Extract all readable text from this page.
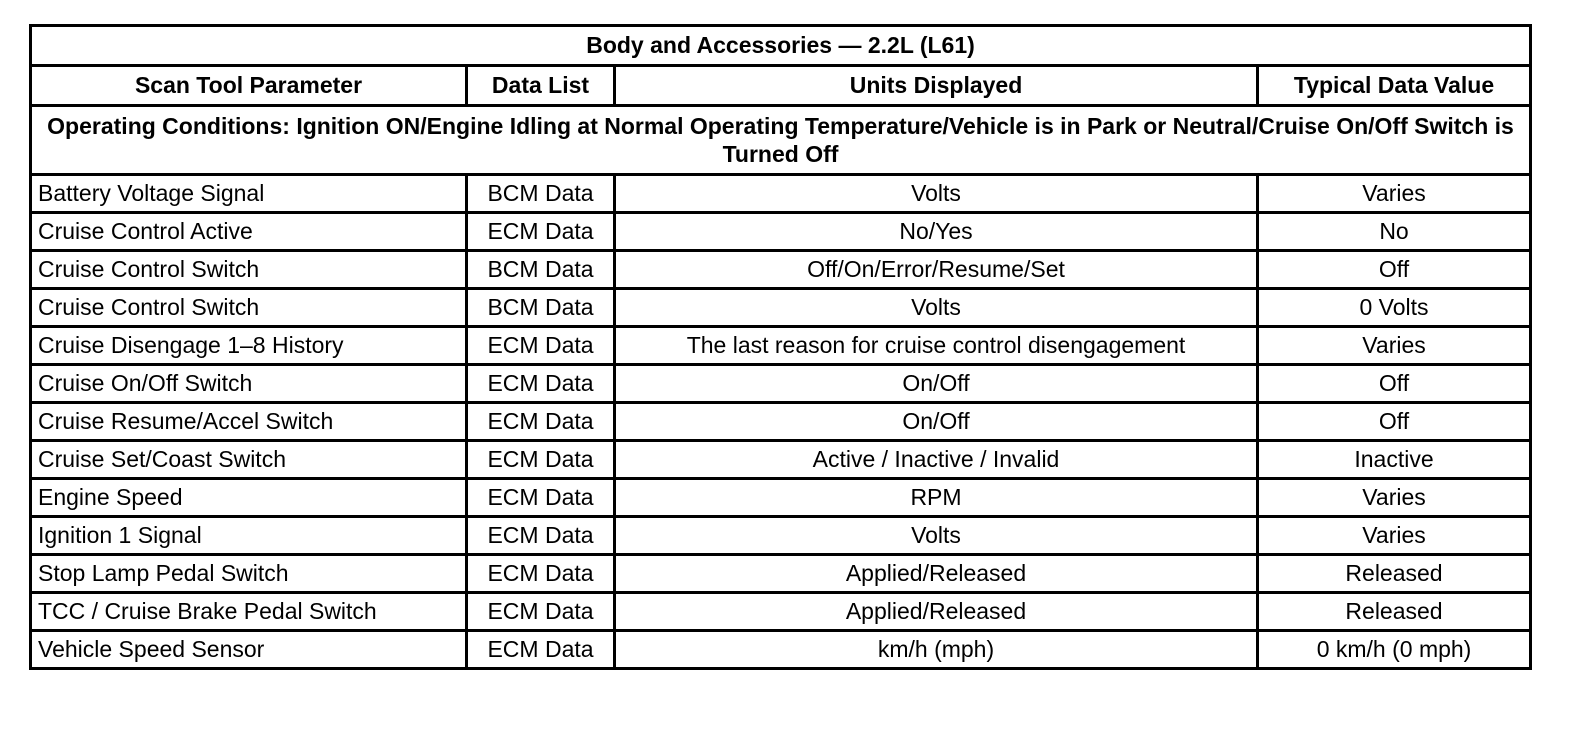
Body and Accessories — 2.2L (L61)			
Scan Tool Parameter	Data List	Units Displayed	Typical Data Value
Operating Conditions: Ignition ON/Engine Idling at Normal Operating Temperature/Vehicle is in Park or Neutral/Cruise On/Off Switch is Turned Off			
Battery Voltage Signal	BCM Data	Volts	Varies
Cruise Control Active	ECM Data	No/Yes	No
Cruise Control Switch	BCM Data	Off/On/Error/Resume/Set	Off
Cruise Control Switch	BCM Data	Volts	0 Volts
Cruise Disengage 1–8 History	ECM Data	The last reason for cruise control disengagement	Varies
Cruise On/Off Switch	ECM Data	On/Off	Off
Cruise Resume/Accel Switch	ECM Data	On/Off	Off
Cruise Set/Coast Switch	ECM Data	Active / Inactive / Invalid	Inactive
Engine Speed	ECM Data	RPM	Varies
Ignition 1 Signal	ECM Data	Volts	Varies
Stop Lamp Pedal Switch	ECM Data	Applied/Released	Released
TCC / Cruise Brake Pedal Switch	ECM Data	Applied/Released	Released
Vehicle Speed Sensor	ECM Data	km/h (mph)	0 km/h (0 mph)
